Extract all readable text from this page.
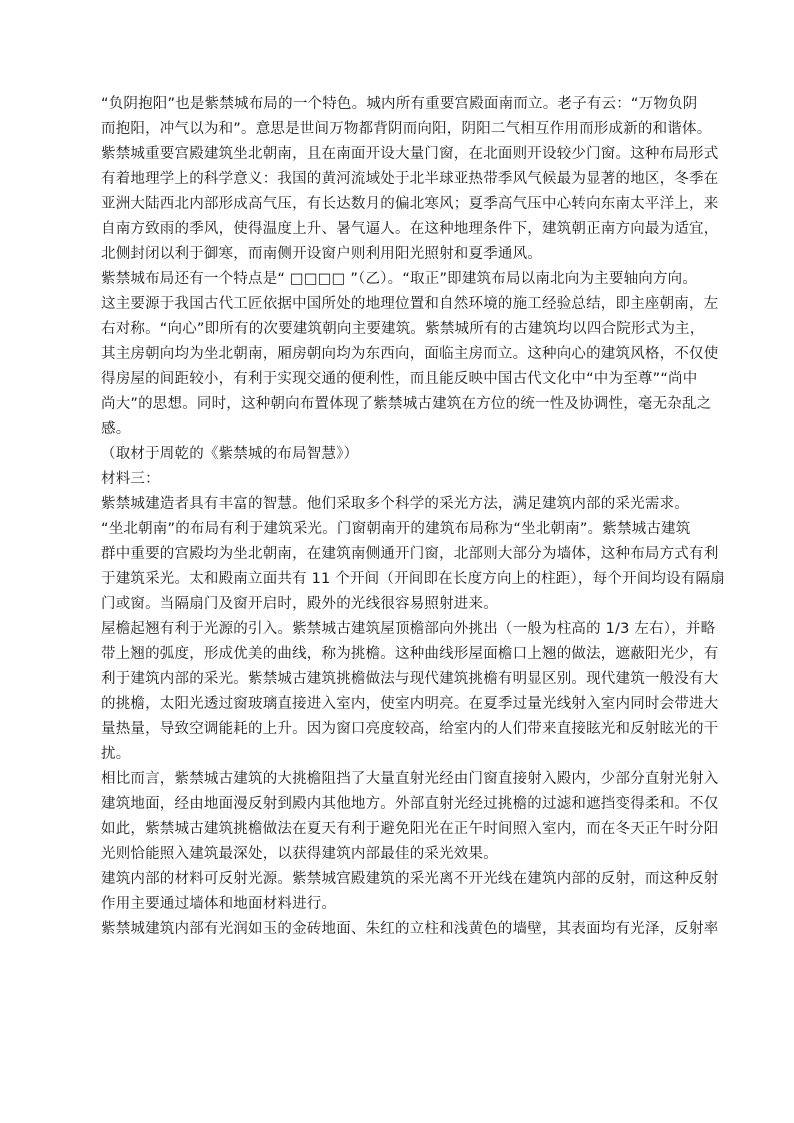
“负阴抱阳”也是紫禁城布局的一个特色。城内所有重要宫殿面南而立。老子有云：“万物负阴
而抱阳，冲气以为和”。意思是世间万物都背阴而向阳，阴阳二气相互作用而形成新的和谐体。
紫禁城重要宫殿建筑坐北朝南，且在南面开设大量门窗，在北面则开设较少门窗。这种布局形式
有着地理学上的科学意义：我国的黄河流域处于北半球亚热带季风气候最为显著的地区，冬季在
亚洲大陆西北内部形成高气压，有长达数月的偏北寒风；夏季高气压中心转向东南太平洋上，来
自南方致雨的季风，使得温度上升、暑气逼人。在这种地理条件下，建筑朝正南方向最为适宜，
北侧封闭以利于御寒，而南侧开设窗户则利用阳光照射和夏季通风。
紫禁城布局还有一个特点是“ □□□□ ”（乙）。“取正”即建筑布局以南北向为主要轴向方向。
这主要源于我国古代工匠依据中国所处的地理位置和自然环境的施工经验总结，即主座朝南，左
右对称。“向心”即所有的次要建筑朝向主要建筑。紫禁城所有的古建筑均以四合院形式为主，
其主房朝向均为坐北朝南，厢房朝向均为东西向，面临主房而立。这种向心的建筑风格，不仅使
得房屋的间距较小，有利于实现交通的便利性，而且能反映中国古代文化中“中为至尊”“尚中
尚大”的思想。同时，这种朝向布置体现了紫禁城古建筑在方位的统一性及协调性，毫无杂乱之
感。
（取材于周乾的《紫禁城的布局智慧》）
材料三：
紫禁城建造者具有丰富的智慧。他们采取多个科学的采光方法，满足建筑内部的采光需求。
“坐北朝南”的布局有利于建筑采光。门窗朝南开的建筑布局称为“坐北朝南”。紫禁城古建筑
群中重要的宫殿均为坐北朝南，在建筑南侧通开门窗，北部则大部分为墙体，这种布局方式有利
于建筑采光。太和殿南立面共有 11 个开间（开间即在长度方向上的柱距），每个开间均设有隔扇
门或窗。当隔扇门及窗开启时，殿外的光线很容易照射进来。
屋檐起翘有利于光源的引入。紫禁城古建筑屋顶檐部向外挑出（一般为柱高的 1/3 左右），并略
带上翘的弧度，形成优美的曲线，称为挑檐。这种曲线形屋面檐口上翘的做法，遮蔽阳光少，有
利于建筑内部的采光。紫禁城古建筑挑檐做法与现代建筑挑檐有明显区别。现代建筑一般没有大
的挑檐，太阳光透过窗玻璃直接进入室内，使室内明亮。在夏季过量光线射入室内同时会带进大
量热量，导致空调能耗的上升。因为窗口亮度较高，给室内的人们带来直接眩光和反射眩光的干
扰。
相比而言，紫禁城古建筑的大挑檐阻挡了大量直射光经由门窗直接射入殿内，少部分直射光射入
建筑地面，经由地面漫反射到殿内其他地方。外部直射光经过挑檐的过滤和遮挡变得柔和。不仅
如此，紫禁城古建筑挑檐做法在夏天有利于避免阳光在正午时间照入室内，而在冬天正午时分阳
光则恰能照入建筑最深处，以获得建筑内部最佳的采光效果。
建筑内部的材料可反射光源。紫禁城宫殿建筑的采光离不开光线在建筑内部的反射，而这种反射
作用主要通过墙体和地面材料进行。
紫禁城建筑内部有光润如玉的金砖地面、朱红的立柱和浅黄色的墙壁，其表面均有光泽，反射率
